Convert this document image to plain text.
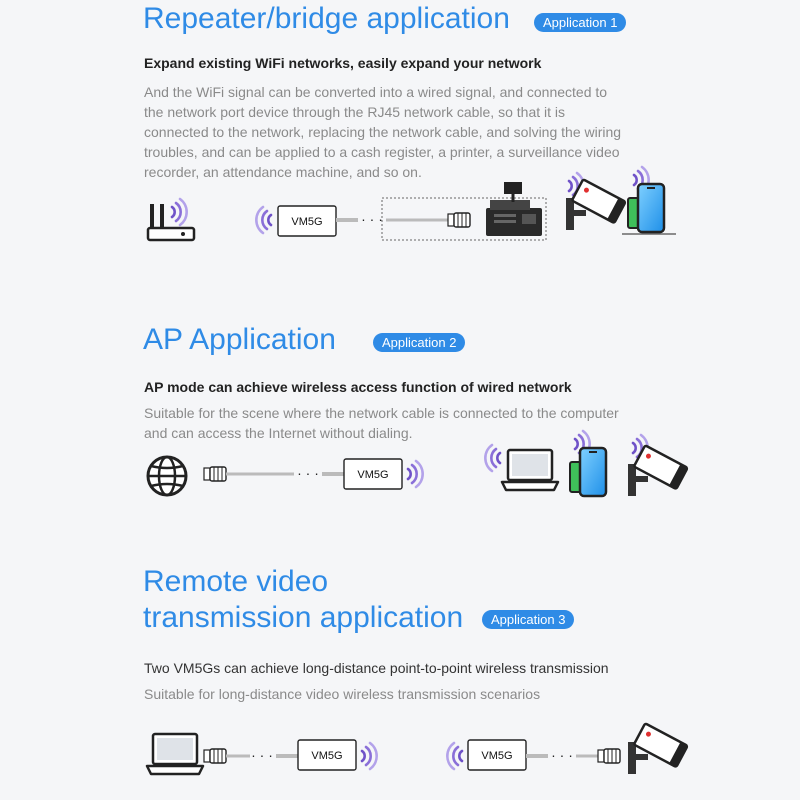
Repeater/bridge application	Application 1

Expand existing WiFi networks, easily expand your network

And the WiFi signal can be converted into a wired signal, and connected to
the network port device through the RJ45 network cable, so that it is
connected to the network, replacing the network cable, and solving the wiring
troubles, and can be applied to a cash register, a printer, a surveillance video
recorder, an attendance machine, and so on.

VM5G	· · ·
AP Application	Application 2

AP mode can achieve wireless access function of wired network

Suitable for the scene where the network cable is connected to the computer
and can access the Internet without dialing.

· · ·	VM5G
Remote video
transmission application	Application 3

Two VM5Gs can achieve long-distance point-to-point wireless transmission

Suitable for long-distance video wireless transmission scenarios

· · ·	VM5G	VM5G	· · ·
